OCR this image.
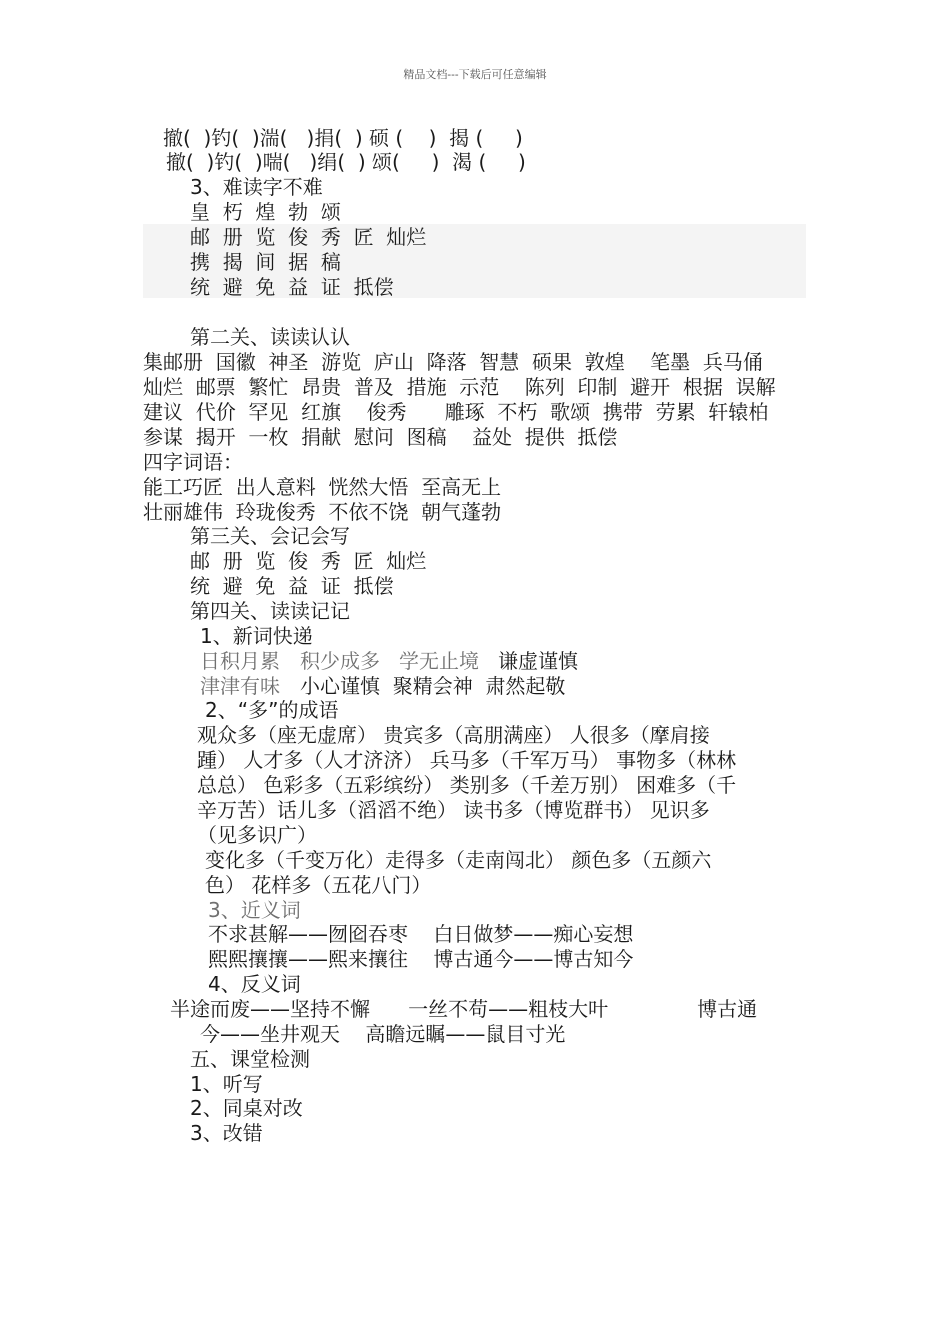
精品文档---下载后可任意编辑

撤(  )钓(  )湍(   )捐(  ) 硕 (    )  揭 (     )

撤(  )钓(  )喘(   )绢(  ) 颂(     )  渴 (     )

3、难读字不难

皇  朽  煌  勃  颂

邮  册  览  俊  秀  匠  灿烂

携  揭  间  据  稿

统  避  免  益  证  抵偿

第二关、读读认认

集邮册  国徽  神圣  游览  庐山  降落  智慧  硕果  敦煌    笔墨  兵马俑

灿烂  邮票  繁忙  昂贵  普及  措施  示范    陈列  印制  避开  根据  误解

建议  代价  罕见  红旗    俊秀      雕琢  不朽  歌颂  携带  劳累  轩辕柏

参谋  揭开  一枚  捐献  慰问  图稿    益处  提供  抵偿

四字词语：

能工巧匠  出人意料  恍然大悟  至高无上

壮丽雄伟  玲珑俊秀  不依不饶  朝气蓬勃

第三关、会记会写

邮  册  览  俊  秀  匠  灿烂

统  避  免  益  证  抵偿

第四关、读读记记

1、新词快递

日积月累 积少成多 学无止境 谦虚谨慎

津津有味 小心谨慎  聚精会神  肃然起敬

2、“多”的成语

观众多（座无虚席） 贵宾多（高朋满座） 人很多（摩肩接

踵） 人才多（人才济济） 兵马多（千军万马） 事物多（林林

总总） 色彩多（五彩缤纷） 类别多（千差万别） 困难多（千

辛万苦）话儿多（滔滔不绝） 读书多（博览群书） 见识多

（见多识广）

变化多（千变万化）走得多（走南闯北） 颜色多（五颜六

色） 花样多（五花八门）

3、近义词

不求甚解——囫囵吞枣    白日做梦——痴心妄想

熙熙攘攘——熙来攘往    博古通今——博古知今

4、反义词

半途而废——坚持不懈      一丝不苟——粗枝大叶              博古通

今——坐井观天    高瞻远瞩——鼠目寸光

五、课堂检测

1、听写

2、同桌对改

3、改错
